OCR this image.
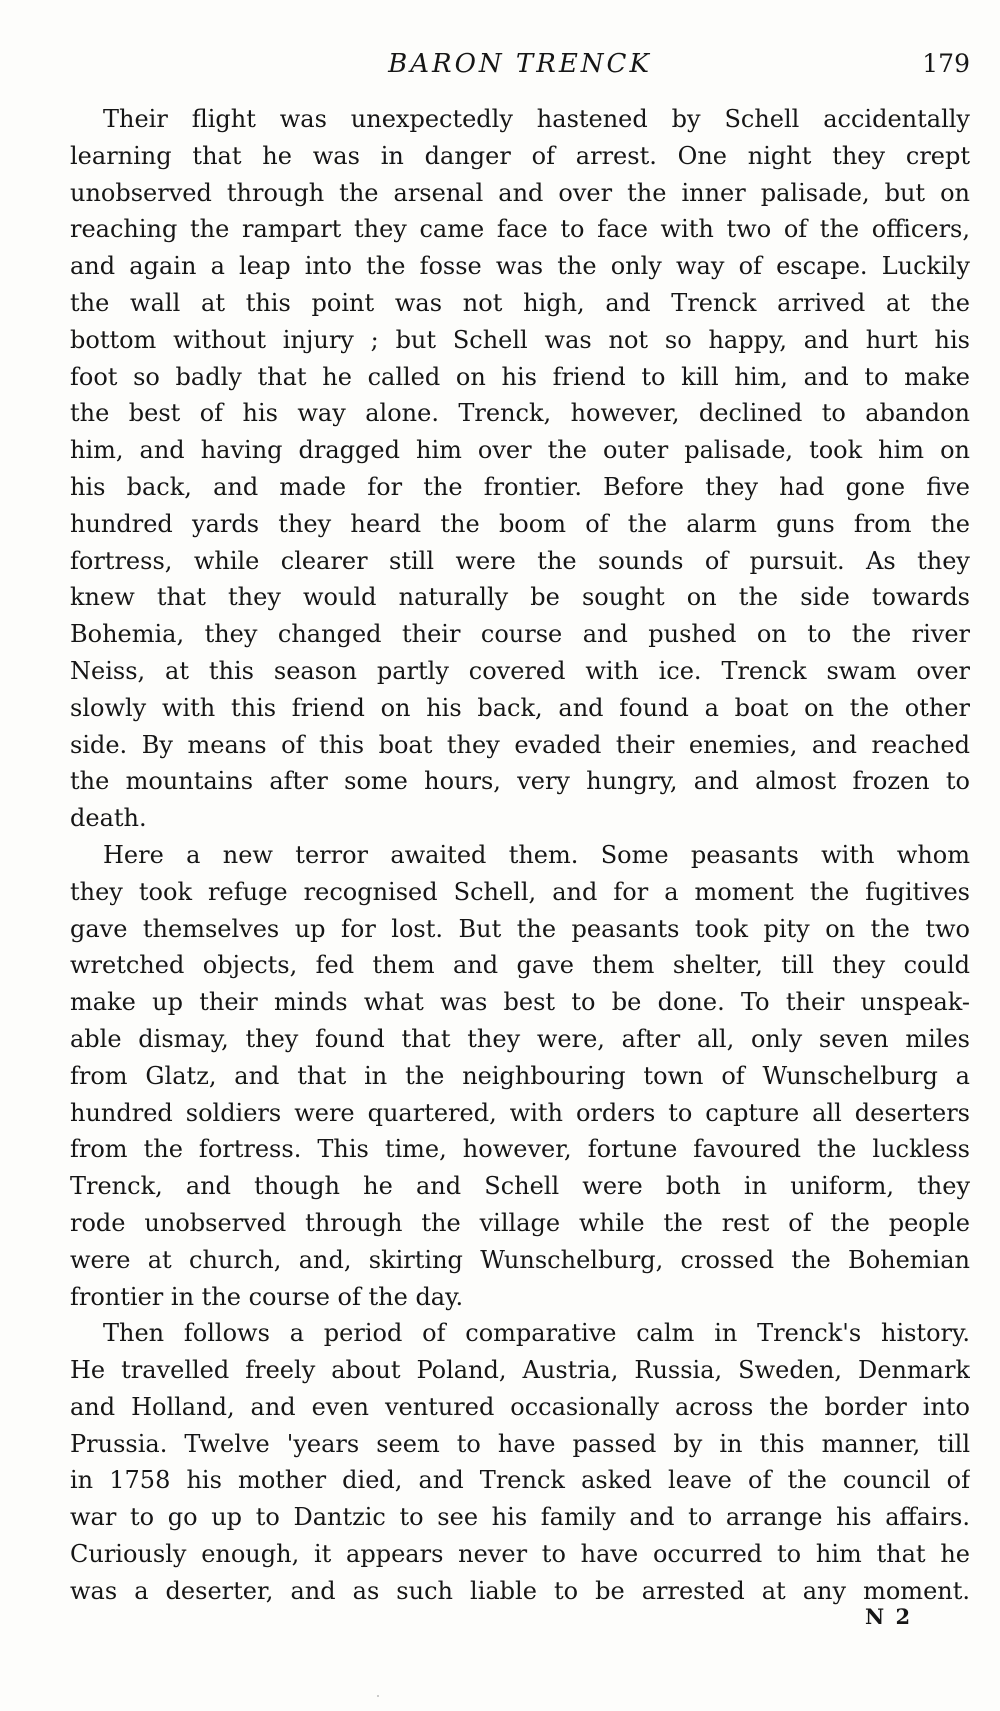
BARON TRENCK	179
Their flight was unexpectedly hastened by Schell accidentally
learning that he was in danger of arrest. One night they crept
unobserved through the arsenal and over the inner palisade, but on
reaching the rampart they came face to face with two of the officers,
and again a leap into the fosse was the only way of escape. Luckily
the wall at this point was not high, and Trenck arrived at the
bottom without injury ; but Schell was not so happy, and hurt his
foot so badly that he called on his friend to kill him, and to make
the best of his way alone. Trenck, however, declined to abandon
him, and having dragged him over the outer palisade, took him on
his back, and made for the frontier. Before they had gone five
hundred yards they heard the boom of the alarm guns from the
fortress, while clearer still were the sounds of pursuit. As they
knew that they would naturally be sought on the side towards
Bohemia, they changed their course and pushed on to the river
Neiss, at this season partly covered with ice. Trenck swam over
slowly with this friend on his back, and found a boat on the other
side. By means of this boat they evaded their enemies, and reached
the mountains after some hours, very hungry, and almost frozen to
death.
Here a new terror awaited them. Some peasants with whom
they took refuge recognised Schell, and for a moment the fugitives
gave themselves up for lost. But the peasants took pity on the two
wretched objects, fed them and gave them shelter, till they could
make up their minds what was best to be done. To their unspeak-
able dismay, they found that they were, after all, only seven miles
from Glatz, and that in the neighbouring town of Wunschelburg a
hundred soldiers were quartered, with orders to capture all deserters
from the fortress. This time, however, fortune favoured the luckless
Trenck, and though he and Schell were both in uniform, they
rode unobserved through the village while the rest of the people
were at church, and, skirting Wunschelburg, crossed the Bohemian
frontier in the course of the day.
Then follows a period of comparative calm in Trenck's history.
He travelled freely about Poland, Austria, Russia, Sweden, Denmark
and Holland, and even ventured occasionally across the border into
Prussia. Twelve 'years seem to have passed by in this manner, till
in 1758 his mother died, and Trenck asked leave of the council of
war to go up to Dantzic to see his family and to arrange his affairs.
Curiously enough, it appears never to have occurred to him that he
was a deserter, and as such liable to be arrested at any moment.
N 2
